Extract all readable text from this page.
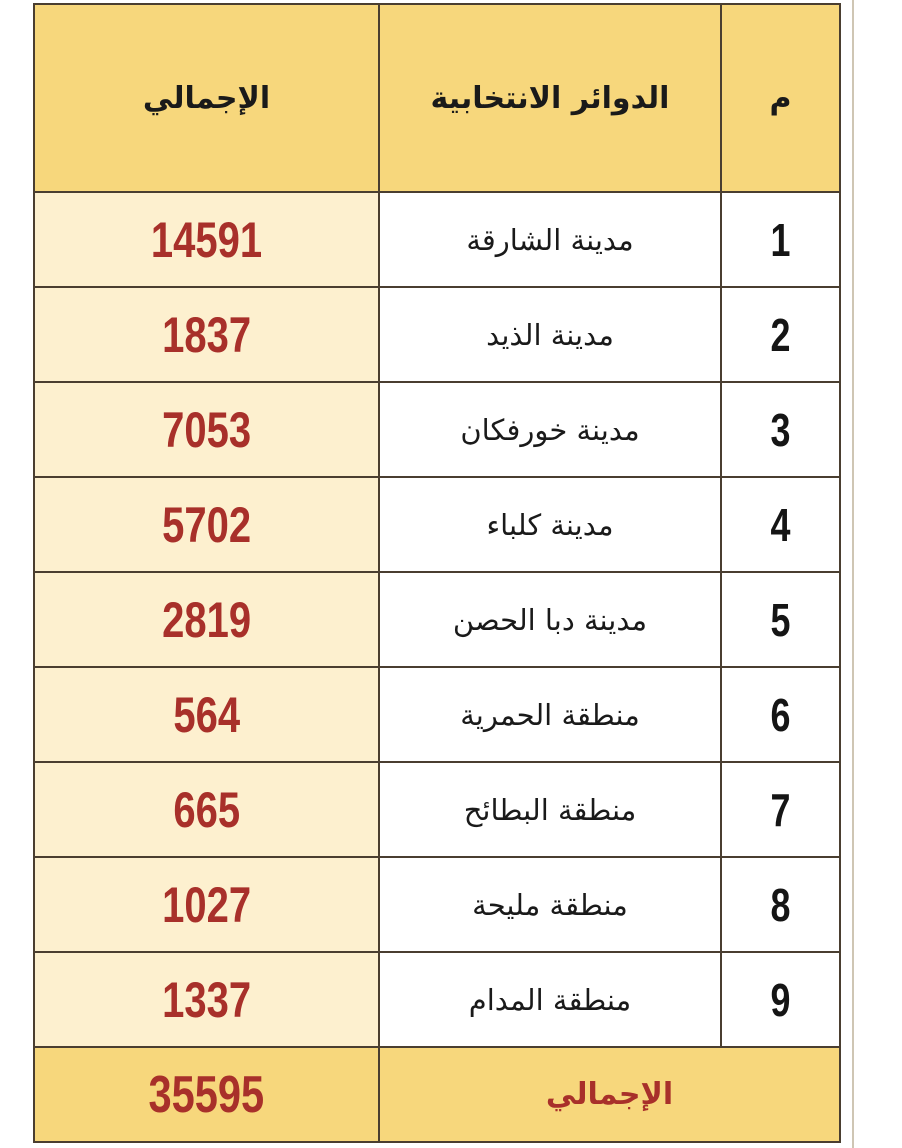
م	الدوائر الانتخابية	الإجمالي
1	مدينة الشارقة	14591
2	مدينة الذيد	1837
3	مدينة خورفكان	7053
4	مدينة كلباء	5702
5	مدينة دبا الحصن	2819
6	منطقة الحمرية	564
7	منطقة البطائح	665
8	منطقة مليحة	1027
9	منطقة المدام	1337
الإجمالي		35595
